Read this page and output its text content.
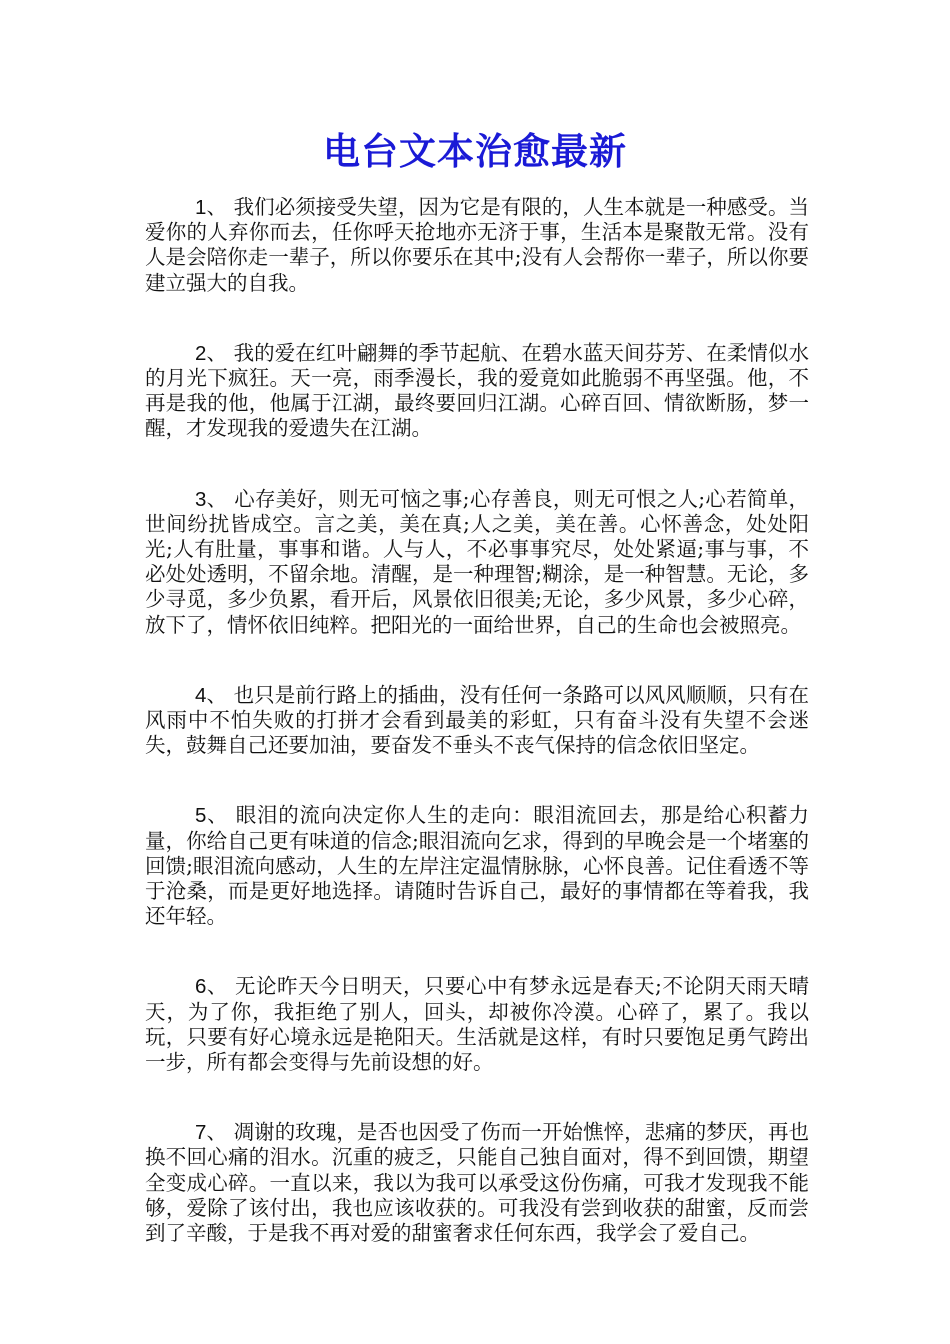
电台文本治愈最新

1、 我们必须接受失望，因为它是有限的，人生本就是一种感受。当爱你的人弃你而去，任你呼天抢地亦无济于事，生活本是聚散无常。没有人是会陪你走一辈子，所以你要乐在其中;没有人会帮你一辈子，所以你要建立强大的自我。

2、 我的爱在红叶翩舞的季节起航、在碧水蓝天间芬芳、在柔情似水的月光下疯狂。天一亮，雨季漫长，我的爱竟如此脆弱不再坚强。他，不再是我的他，他属于江湖，最终要回归江湖。心碎百回、情欲断肠，梦一醒，才发现我的爱遗失在江湖。

3、 心存美好，则无可恼之事;心存善良，则无可恨之人;心若简单，世间纷扰皆成空。言之美，美在真;人之美，美在善。心怀善念，处处阳光;人有肚量，事事和谐。人与人，不必事事究尽，处处紧逼;事与事，不必处处透明，不留余地。清醒，是一种理智;糊涂，是一种智慧。无论，多少寻觅，多少负累，看开后，风景依旧很美;无论，多少风景，多少心碎，放下了，情怀依旧纯粹。把阳光的一面给世界，自己的生命也会被照亮。

4、 也只是前行路上的插曲，没有任何一条路可以风风顺顺，只有在风雨中不怕失败的打拼才会看到最美的彩虹，只有奋斗没有失望不会迷失，鼓舞自己还要加油，要奋发不垂头不丧气保持的信念依旧坚定。

5、 眼泪的流向决定你人生的走向：眼泪流回去，那是给心积蓄力量，你给自己更有味道的信念;眼泪流向乞求，得到的早晚会是一个堵塞的回馈;眼泪流向感动，人生的左岸注定温情脉脉，心怀良善。记住看透不等于沧桑，而是更好地选择。请随时告诉自己，最好的事情都在等着我，我还年轻。

6、 无论昨天今日明天，只要心中有梦永远是春天;不论阴天雨天晴天，为了你，我拒绝了别人，回头，却被你冷漠。心碎了，累了。我以玩，只要有好心境永远是艳阳天。生活就是这样，有时只要饱足勇气跨出一步，所有都会变得与先前设想的好。

7、 凋谢的玫瑰，是否也因受了伤而一开始憔悴，悲痛的梦厌，再也换不回心痛的泪水。沉重的疲乏，只能自己独自面对，得不到回馈，期望全变成心碎。一直以来，我以为我可以承受这份伤痛，可我才发现我不能够，爱除了该付出，我也应该收获的。可我没有尝到收获的甜蜜，反而尝到了辛酸，于是我不再对爱的甜蜜奢求任何东西，我学会了爱自己。
